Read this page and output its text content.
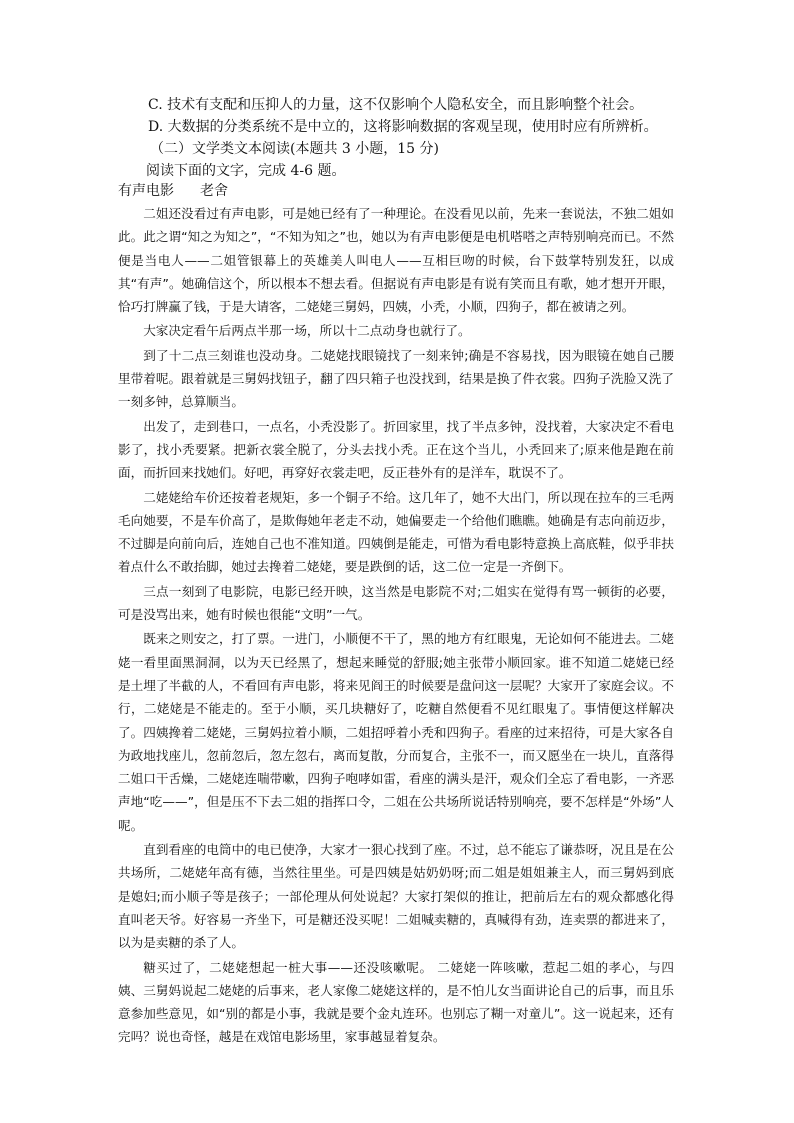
C. 技术有支配和压抑人的力量，这不仅影响个人隐私安全，而且影响整个社会。

D. 大数据的分类系统不是中立的，这将影响数据的客观呈现，使用时应有所辨析。

（二）文学类文本阅读(本题共 3 小题，15 分)

阅读下面的文字，完成 4-6 题。

有声电影 老舍

二姐还没看过有声电影，可是她已经有了一种理论。在没看见以前，先来一套说法，不独二姐如此。此之谓“知之为知之”，“不知为知之”也，她以为有声电影便是电机嗒嗒之声特别响亮而已。不然便是当电人——二姐管银幕上的英雄美人叫电人——互相巨吻的时候，台下鼓掌特别发狂，以成其“有声”。她确信这个，所以根本不想去看。但据说有声电影是有说有笑而且有歌，她才想开开眼，恰巧打牌赢了钱，于是大请客，二姥姥三舅妈，四姨，小秃，小顺，四狗子，都在被请之列。

大家决定看午后两点半那一场，所以十二点动身也就行了。

到了十二点三刻谁也没动身。二姥姥找眼镜找了一刻来钟;确是不容易找，因为眼镜在她自己腰里带着呢。跟着就是三舅妈找钮子，翻了四只箱子也没找到，结果是换了件衣裳。四狗子洗脸又洗了一刻多钟，总算顺当。

出发了，走到巷口，一点名，小秃没影了。折回家里，找了半点多钟，没找着，大家决定不看电影了，找小秃要紧。把新衣裳全脱了，分头去找小秃。正在这个当儿，小秃回来了;原来他是跑在前面，而折回来找她们。好吧，再穿好衣裳走吧，反正巷外有的是洋车，耽误不了。

二姥姥给车价还按着老规矩，多一个铜子不给。这几年了，她不大出门，所以现在拉车的三毛两毛向她要，不是车价高了，是欺侮她年老走不动，她偏要走一个给他们瞧瞧。她确是有志向前迈步，不过脚是向前向后，连她自己也不准知道。四姨倒是能走，可惜为看电影特意换上高底鞋，似乎非扶着点什么不敢抬脚，她过去搀着二姥姥，要是跌倒的话，这二位一定是一齐倒下。

三点一刻到了电影院，电影已经开映，这当然是电影院不对;二姐实在觉得有骂一顿街的必要，可是没骂出来，她有时候也很能“文明”一气。

既来之则安之，打了票。一进门，小顺便不干了，黑的地方有红眼鬼，无论如何不能进去。二姥姥一看里面黑洞洞，以为天已经黑了，想起来睡觉的舒服;她主张带小顺回家。谁不知道二姥姥已经是土埋了半截的人，不看回有声电影，将来见阎王的时候要是盘问这一层呢？大家开了家庭会议。不行，二姥姥是不能走的。至于小顺，买几块糖好了，吃糖自然便看不见红眼鬼了。事情便这样解决了。四姨搀着二姥姥，三舅妈拉着小顺，二姐招呼着小秃和四狗子。看座的过来招待，可是大家各自为政地找座儿，忽前忽后，忽左忽右，离而复散，分而复合，主张不一，而又愿坐在一块儿，直落得二姐口干舌燥，二姥姥连喘带嗽，四狗子咆哮如雷，看座的满头是汗，观众们全忘了看电影，一齐恶声地“吃——”，但是压不下去二姐的指挥口令，二姐在公共场所说话特别响亮，要不怎样是“外场”人呢。

直到看座的电筒中的电已使净，大家才一狠心找到了座。不过，总不能忘了谦恭呀，况且是在公共场所，二姥姥年高有德，当然往里坐。可是四姨是姑奶奶呀;而二姐是姐姐兼主人，而三舅妈到底是媳妇;而小顺子等是孩子；一部伦理从何处说起？大家打架似的推让，把前后左右的观众都感化得直叫老天爷。好容易一齐坐下，可是糖还没买呢！二姐喊卖糖的，真喊得有劲，连卖票的都进来了，以为是卖糖的杀了人。

糖买过了，二姥姥想起一桩大事——还没咳嗽呢。 二姥姥一阵咳嗽，惹起二姐的孝心，与四姨、三舅妈说起二姥姥的后事来，老人家像二姥姥这样的，是不怕儿女当面讲论自己的后事，而且乐意参加些意见，如“别的都是小事，我就是要个金丸连环。也别忘了糊一对童儿”。这一说起来，还有完吗？说也奇怪，越是在戏馆电影场里，家事越显着复杂。
